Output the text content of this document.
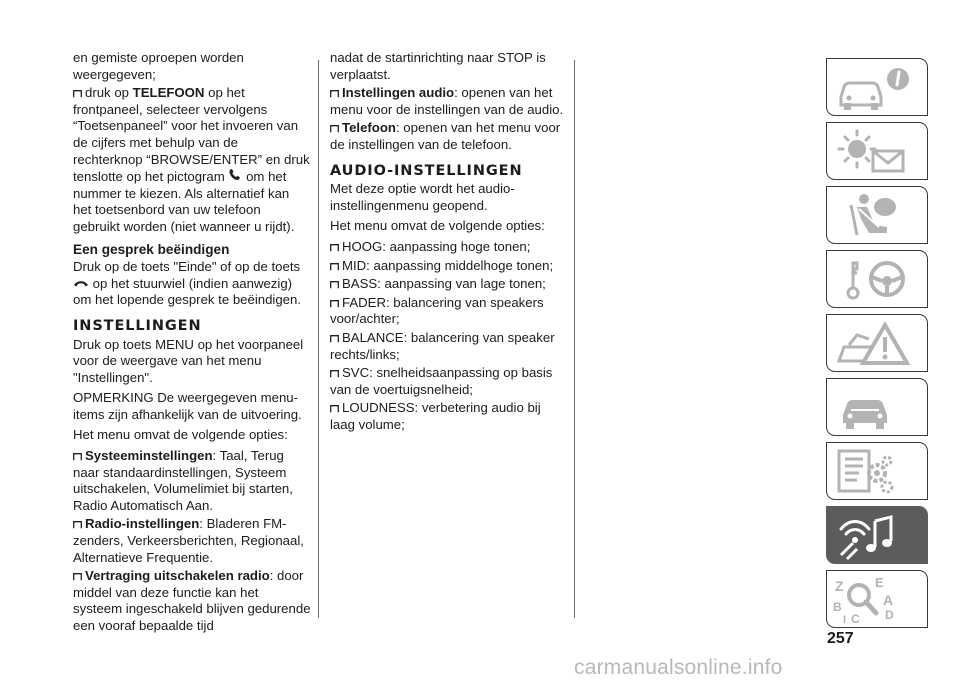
en gemiste oproepen worden weergegeven;

druk op TELEFOON op het frontpaneel, selecteer vervolgens “Toetsenpaneel” voor het invoeren van de cijfers met behulp van de rechterknop “BROWSE/ENTER” en druk tenslotte op het pictogram  om het nummer te kiezen. Als alternatief kan het toetsenbord van uw telefoon gebruikt worden (niet wanneer u rijdt).

Een gesprek beëindigen

Druk op de toets "Einde" of op de toets  op het stuurwiel (indien aanwezig) om het lopende gesprek te beëindigen.

INSTELLINGEN

Druk op toets MENU op het voorpaneel voor de weergave van het menu "Instellingen".

OPMERKING De weergegeven menu-items zijn afhankelijk van de uitvoering.

Het menu omvat de volgende opties:

Systeeminstellingen: Taal, Terug naar standaardinstellingen, Systeem uitschakelen, Volumelimiet bij starten, Radio Automatisch Aan.

Radio-instellingen: Bladeren FM-zenders, Verkeersberichten, Regionaal, Alternatieve Frequentie.

Vertraging uitschakelen radio: door middel van deze functie kan het systeem ingeschakeld blijven gedurende een vooraf bepaalde tijd

nadat de startinrichting naar STOP is verplaatst.

Instellingen audio: openen van het menu voor de instellingen van de audio.

Telefoon: openen van het menu voor de instellingen van de telefoon.

AUDIO-INSTELLINGEN

Met deze optie wordt het audio-instellingenmenu geopend.

Het menu omvat de volgende opties:

HOOG: aanpassing hoge tonen;

MID: aanpassing middelhoge tonen;

BASS: aanpassing van lage tonen;

FADER: balancering van speakers voor/achter;

BALANCE: balancering van speaker rechts/links;

SVC: snelheidsaanpassing op basis van de voertuigsnelheid;

LOUDNESS: verbetering audio bij laag volume;

Z E
B	A
C D
I
257
carmanualsonline.info
